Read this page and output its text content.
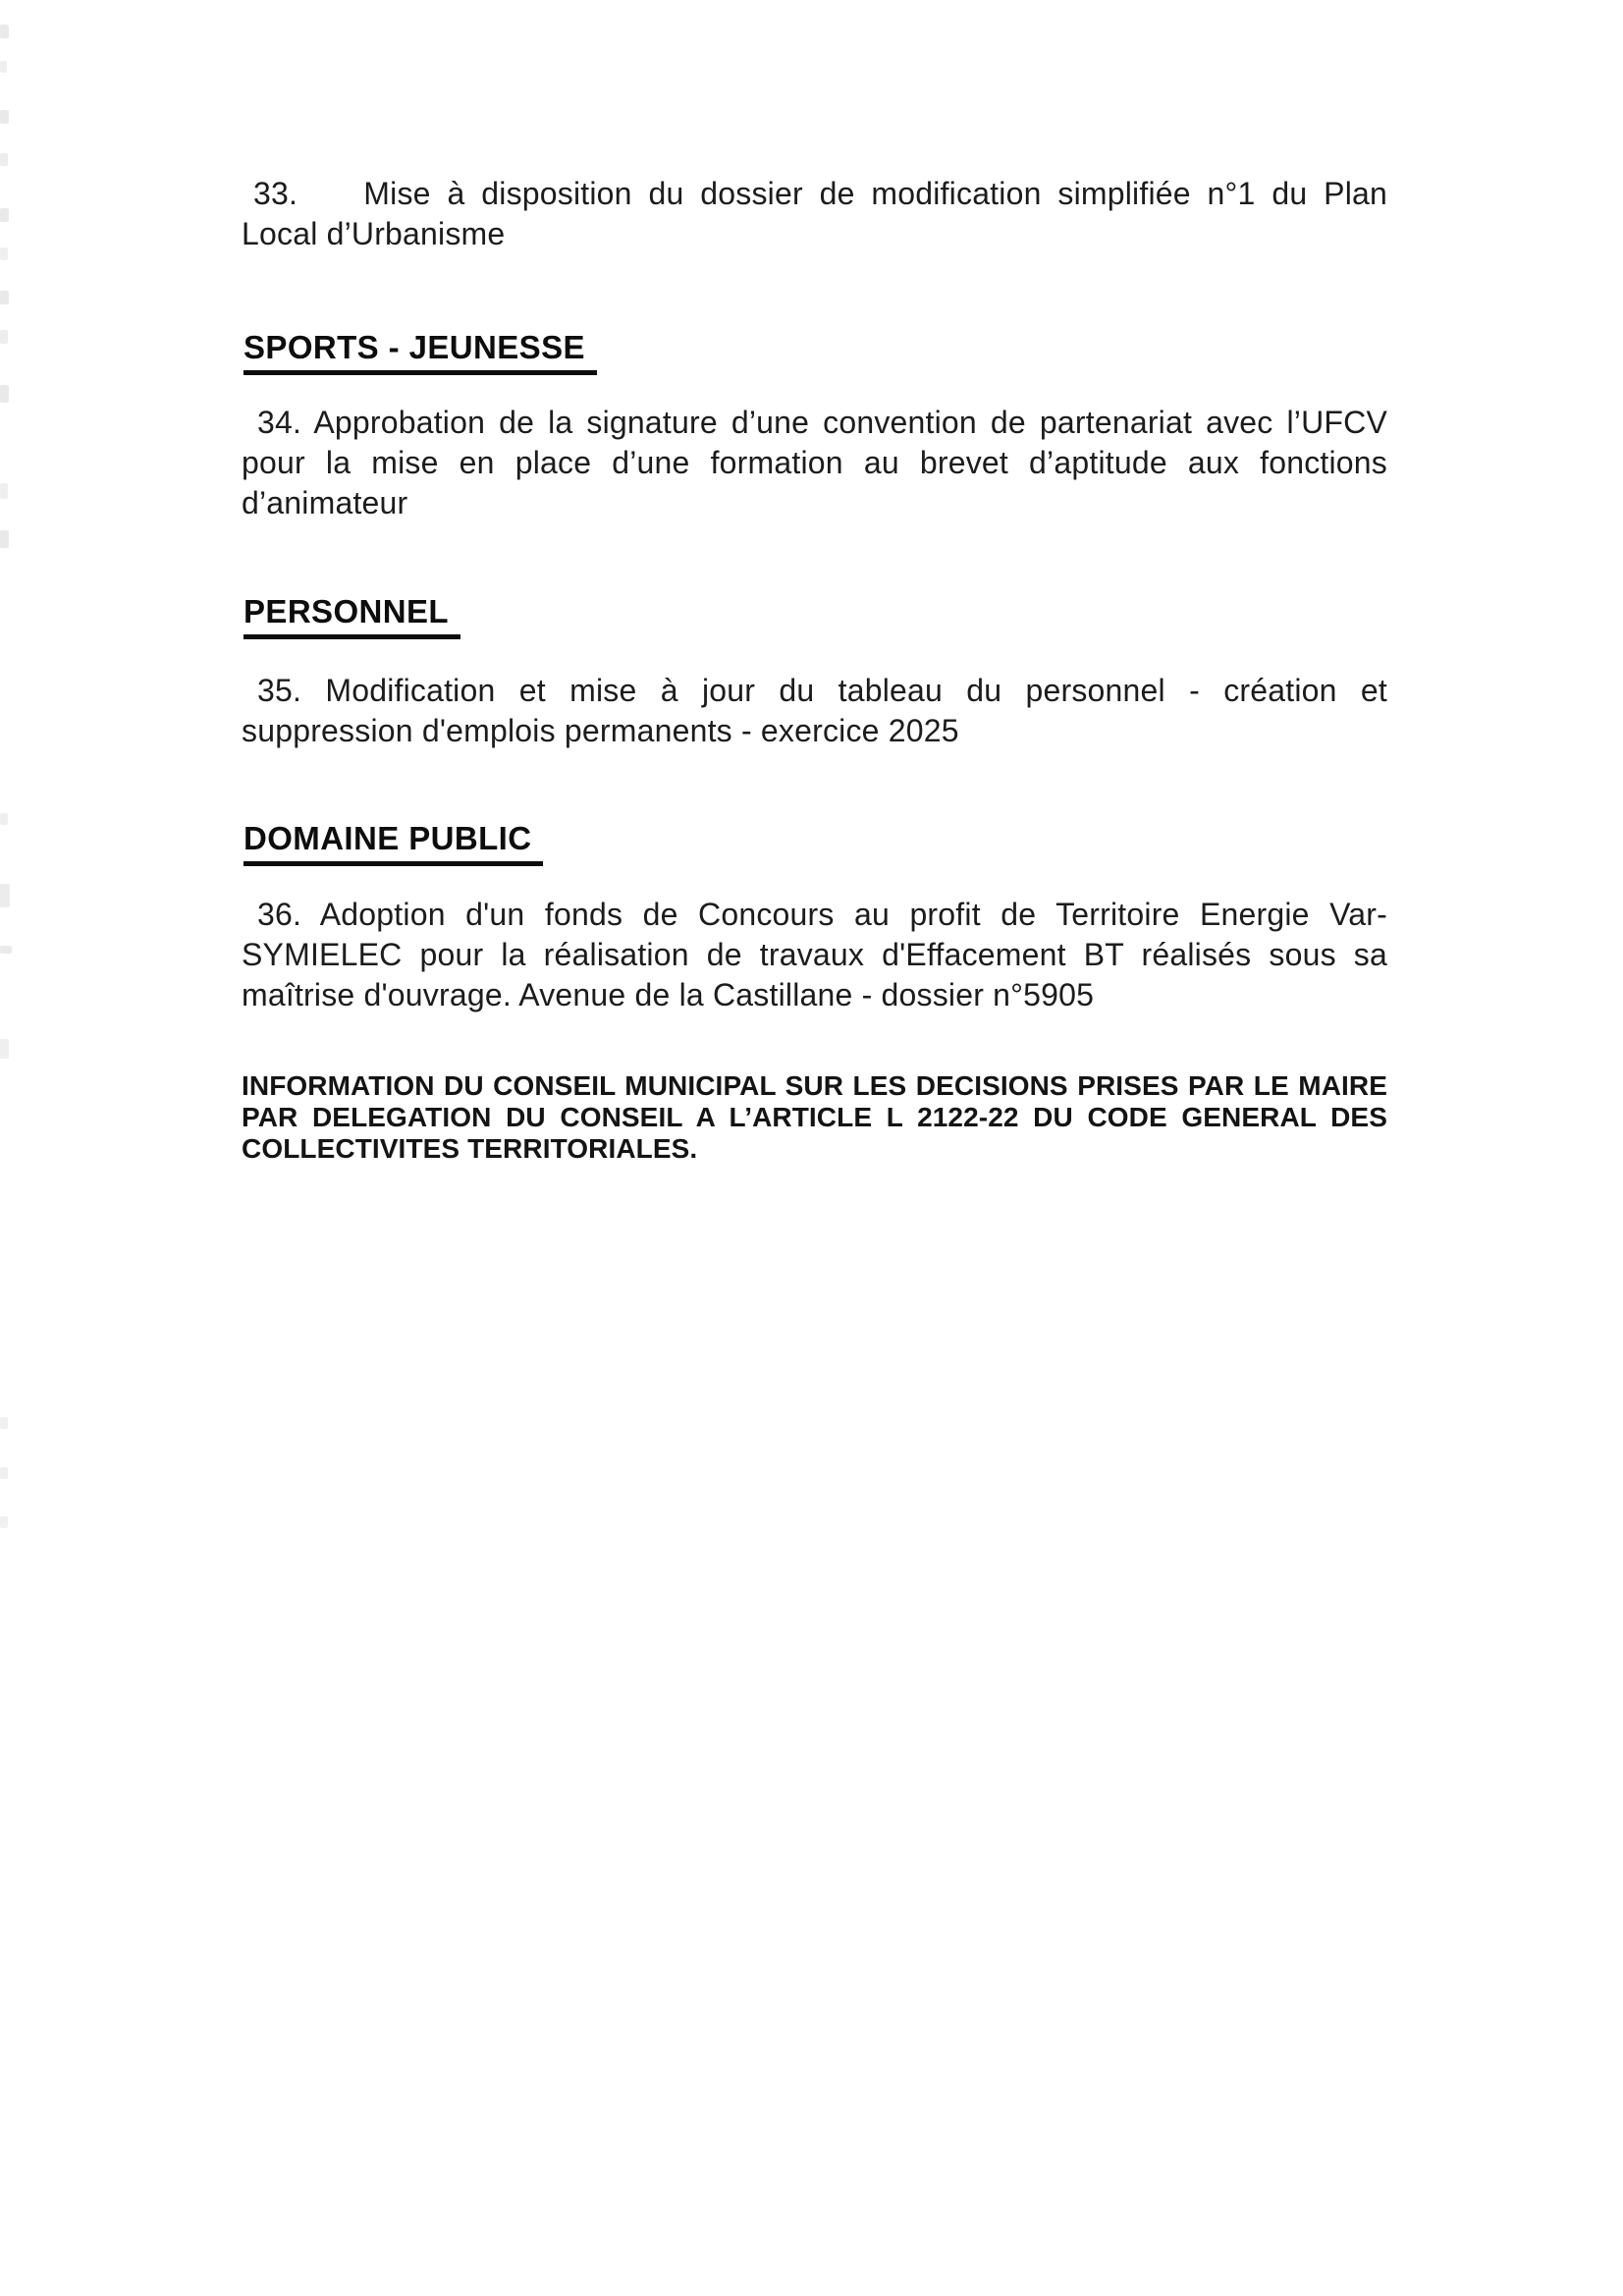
33.    Mise à disposition du dossier de modification simplifiée n°1 du Plan
Local d’Urbanisme
SPORTS - JEUNESSE
34. Approbation de la signature d’une convention de partenariat avec l’UFCV
pour la mise en place d’une formation au brevet d’aptitude aux fonctions
d’animateur
PERSONNEL
35. Modification et mise à jour du tableau du personnel - création et
suppression d'emplois permanents - exercice 2025
DOMAINE PUBLIC
36. Adoption d'un fonds de Concours au profit de Territoire Energie Var-
SYMIELEC pour la réalisation de travaux d'Effacement BT réalisés sous sa
maîtrise d'ouvrage. Avenue de la Castillane - dossier n°5905
INFORMATION DU CONSEIL MUNICIPAL SUR LES DECISIONS PRISES PAR LE MAIRE
PAR DELEGATION DU CONSEIL A L’ARTICLE L 2122-22 DU CODE GENERAL DES
COLLECTIVITES TERRITORIALES.
